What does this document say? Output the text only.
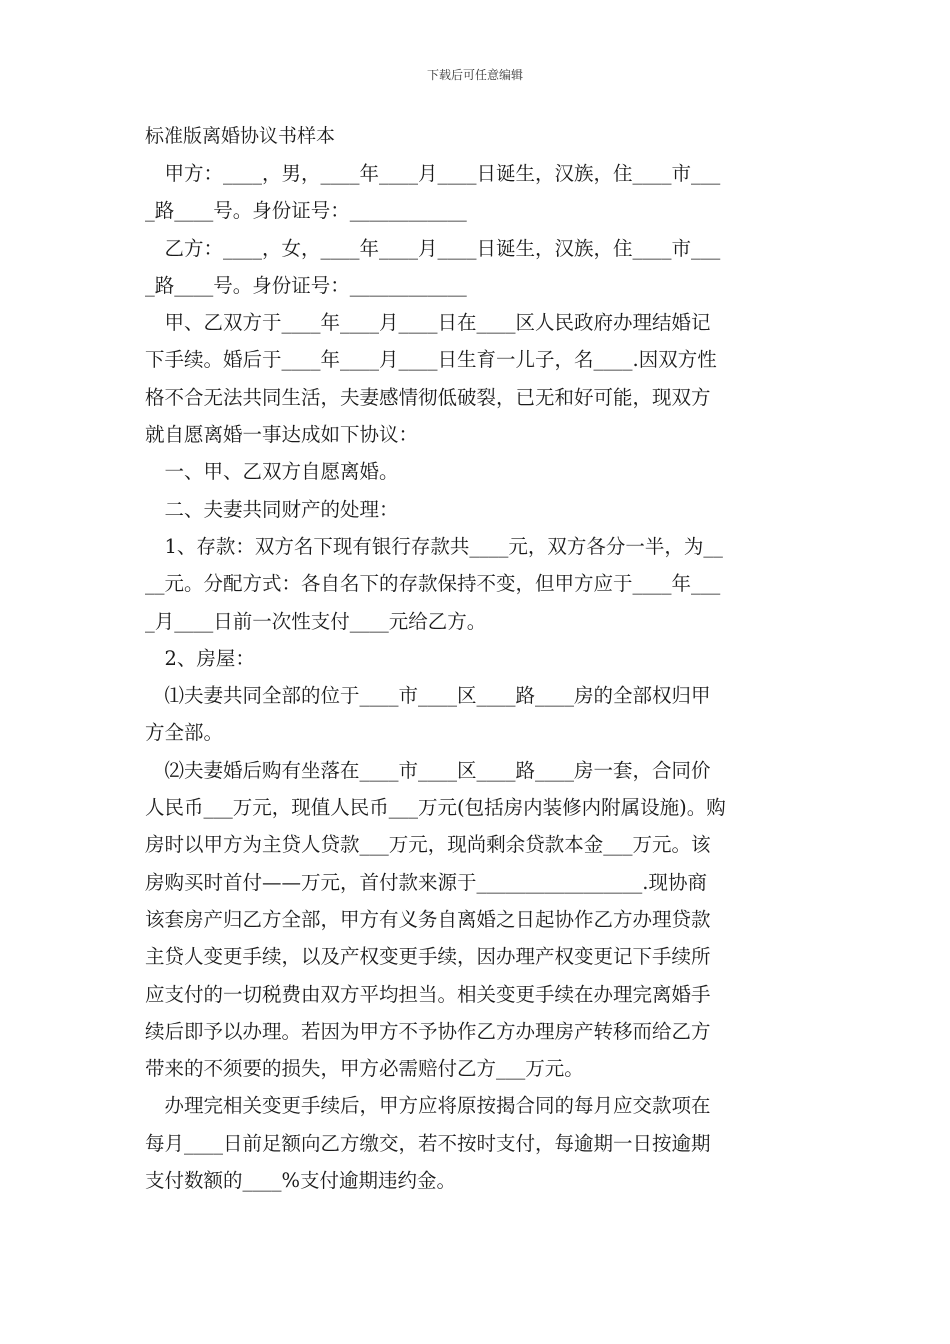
下载后可任意编辑
标准版离婚协议书样本
　甲方：____，男，____年____月____日诞生，汉族，住____市___
_路____号。身份证号：____________
　乙方：____，女，____年____月____日诞生，汉族，住____市___
_路____号。身份证号：____________
　甲、乙双方于____年____月____日在____区人民政府办理结婚记
下手续。婚后于____年____月____日生育一儿子，名____.因双方性
格不合无法共同生活，夫妻感情彻低破裂，已无和好可能，现双方
就自愿离婚一事达成如下协议：
　一、甲、乙双方自愿离婚。
　二、夫妻共同财产的处理：
　1、存款：双方名下现有银行存款共____元，双方各分一半，为__
__元。分配方式：各自名下的存款保持不变，但甲方应于____年___
_月____日前一次性支付____元给乙方。
　2、房屋：
　⑴夫妻共同全部的位于____市____区____路____房的全部权归甲
方全部。
　⑵夫妻婚后购有坐落在____市____区____路____房一套，合同价
人民币___万元，现值人民币___万元(包括房内装修内附属设施)。购
房时以甲方为主贷人贷款___万元，现尚剩余贷款本金___万元。该
房购买时首付——万元，首付款来源于_________________.现协商
该套房产归乙方全部，甲方有义务自离婚之日起协作乙方办理贷款
主贷人变更手续，以及产权变更手续，因办理产权变更记下手续所
应支付的一切税费由双方平均担当。相关变更手续在办理完离婚手
续后即予以办理。若因为甲方不予协作乙方办理房产转移而给乙方
带来的不须要的损失，甲方必需赔付乙方___万元。
　办理完相关变更手续后，甲方应将原按揭合同的每月应交款项在
每月____日前足额向乙方缴交，若不按时支付，每逾期一日按逾期
支付数额的____%支付逾期违约金。
